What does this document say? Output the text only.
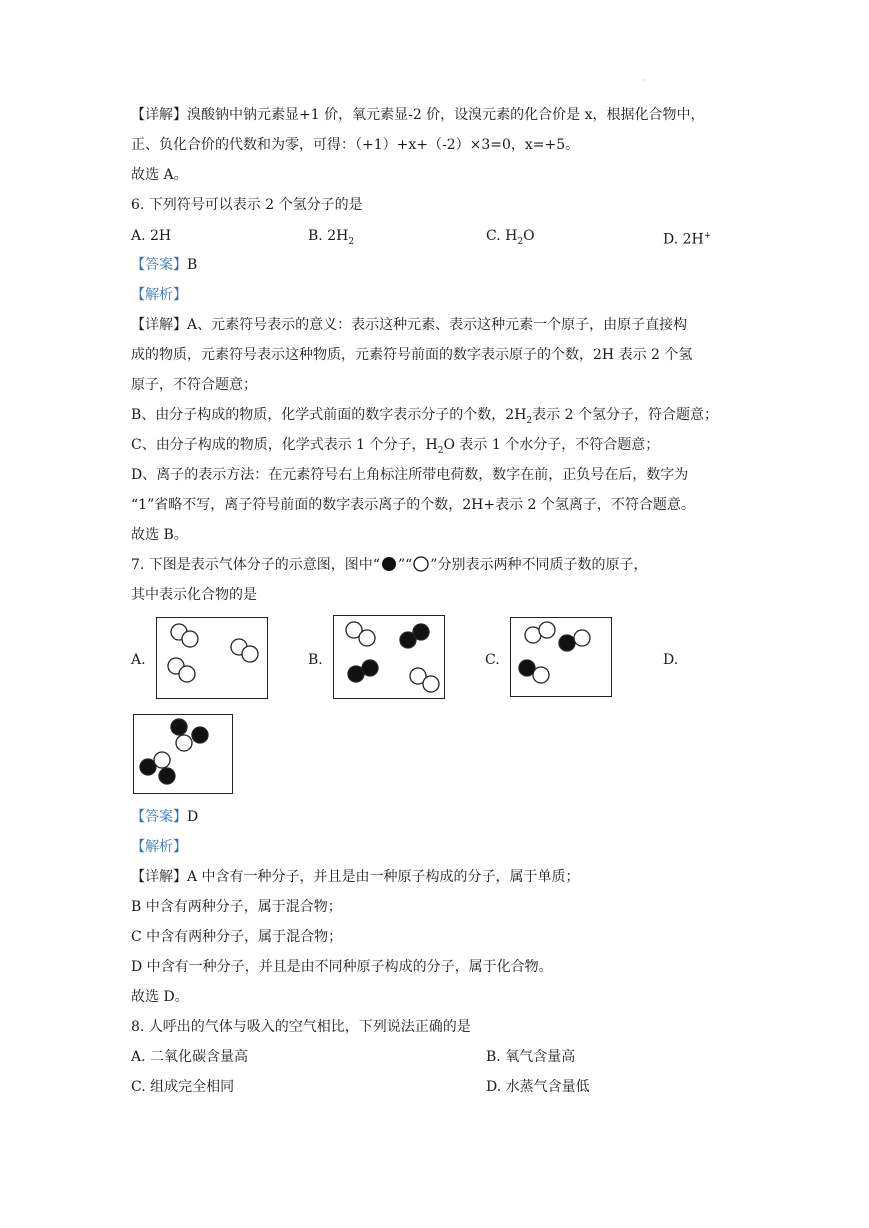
·
【详解】溴酸钠中钠元素显+1 价，氧元素显-2 价，设溴元素的化合价是 x，根据化合物中，
正、负化合价的代数和为零，可得：（+1）+x+（-2）×3=0，x=+5。
故选 A。
6. 下列符号可以表示 2 个氢分子的是
A. 2H	B. $2H_2$	C. $H_2O$	D. 2H+
【答案】B
【解析】
【详解】A、元素符号表示的意义：表示这种元素、表示这种元素一个原子，由原子直接构
成的物质，元素符号表示这种物质，元素符号前面的数字表示原子的个数，2H 表示 2 个氢
原子，不符合题意；
B、由分子构成的物质，化学式前面的数字表示分子的个数，$2H_2$表示 2 个氢分子，符合题意；
C、由分子构成的物质，化学式表示 1 个分子，$H_2O$ 表示 1 个水分子，不符合题意；
D、离子的表示方法：在元素符号右上角标注所带电荷数，数字在前，正负号在后，数字为
“1”省略不写，离子符号前面的数字表示离子的个数，2H+表示 2 个氢离子，不符合题意。
故选 B。
7. 下图是表示气体分子的示意图，图中“ ”“ ”分别表示两种不同质子数的原子，
其中表示化合物的是
A.	B.	C.	D.
【答案】D
【解析】
【详解】A 中含有一种分子，并且是由一种原子构成的分子，属于单质；
B 中含有两种分子，属于混合物；
C 中含有两种分子，属于混合物；
D 中含有一种分子，并且是由不同种原子构成的分子，属于化合物。
故选 D。
8. 人呼出的气体与吸入的空气相比，下列说法正确的是
A. 二氧化碳含量高	B. 氧气含量高
C. 组成完全相同	D. 水蒸气含量低
